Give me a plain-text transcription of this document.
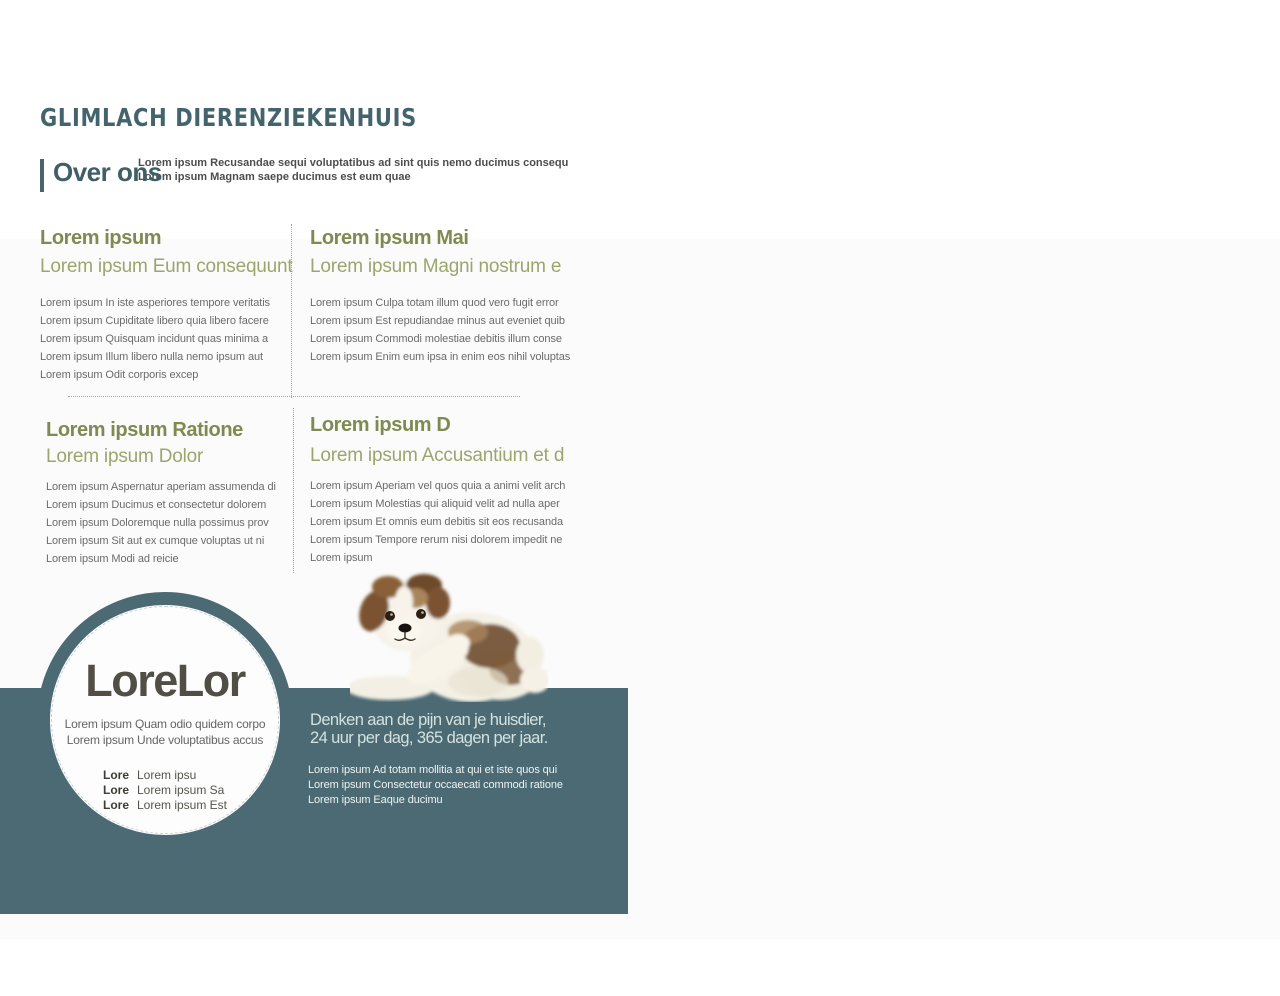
GLIMLACH DIERENZIEKENHUIS
Over ons
Lorem ipsum Recusandae sequi voluptatibus ad sint quis nemo ducimus consequ
Lorem ipsum Magnam saepe ducimus est eum quae
Lorem ipsum
Lorem ipsum Eum consequunt
Lorem ipsum In iste asperiores tempore veritatis
Lorem ipsum Cupiditate libero quia libero facere
Lorem ipsum Quisquam incidunt quas minima a
Lorem ipsum Illum libero nulla nemo ipsum aut
Lorem ipsum Odit corporis excep
Lorem ipsum Mai
Lorem ipsum Magni nostrum e
Lorem ipsum Culpa totam illum quod vero fugit error
Lorem ipsum Est repudiandae minus aut eveniet quib
Lorem ipsum Commodi molestiae debitis illum conse
Lorem ipsum Enim eum ipsa in enim eos nihil voluptas
Lorem ipsum Ratione
Lorem ipsum Dolor
Lorem ipsum Aspernatur aperiam assumenda di
Lorem ipsum Ducimus et consectetur dolorem
Lorem ipsum Doloremque nulla possimus prov
Lorem ipsum Sit aut ex cumque voluptas ut ni
Lorem ipsum Modi ad reicie
Lorem ipsum D
Lorem ipsum Accusantium et d
Lorem ipsum Aperiam vel quos quia a animi velit arch
Lorem ipsum Molestias qui aliquid velit ad nulla aper
Lorem ipsum Et omnis eum debitis sit eos recusanda
Lorem ipsum Tempore rerum nisi dolorem impedit ne
Lorem ipsum
LoreLor
Lorem ipsum Quam odio quidem corpo
Lorem ipsum Unde voluptatibus accus
Lore Lorem ipsu
Lore Lorem ipsum Sa
Lore Lorem ipsum Est
Denken aan de pijn van je huisdier,
24 uur per dag, 365 dagen per jaar.
Lorem ipsum Ad totam mollitia at qui et iste quos qui
Lorem ipsum Consectetur occaecati commodi ratione
Lorem ipsum Eaque ducimu
